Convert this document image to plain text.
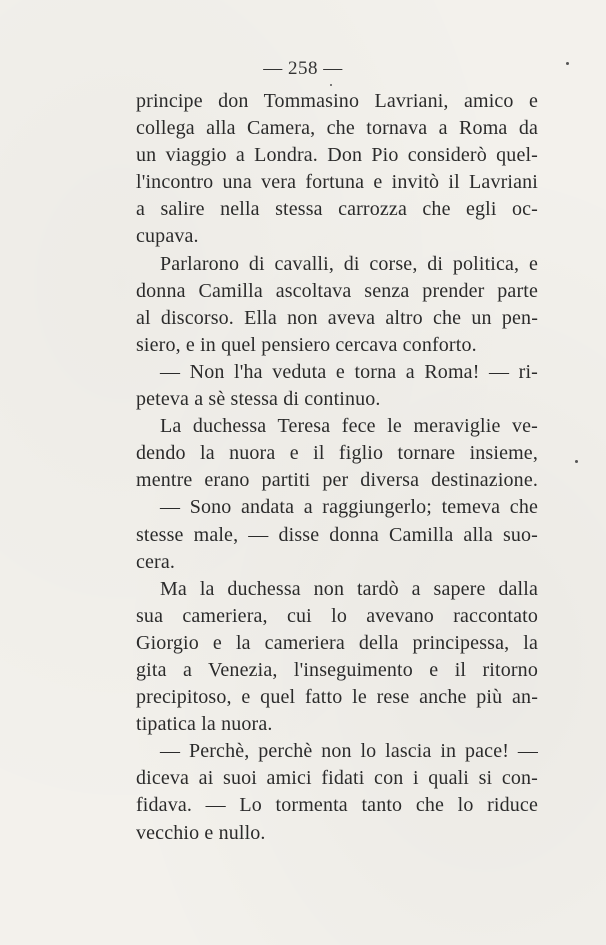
— 258 —
principe don Tommasino Lavriani, amico e
collega alla Camera, che tornava a Roma da
un viaggio a Londra. Don Pio considerò quel-
l'incontro una vera fortuna e invitò il Lavriani
a salire nella stessa carrozza che egli oc-
cupava.
Parlarono di cavalli, di corse, di politica, e
donna Camilla ascoltava senza prender parte
al discorso. Ella non aveva altro che un pen-
siero, e in quel pensiero cercava conforto.
— Non l'ha veduta e torna a Roma! — ri-
peteva a sè stessa di continuo.
La duchessa Teresa fece le meraviglie ve-
dendo la nuora e il figlio tornare insieme,
mentre erano partiti per diversa destinazione.
— Sono andata a raggiungerlo; temeva che
stesse male, — disse donna Camilla alla suo-
cera.
Ma la duchessa non tardò a sapere dalla
sua cameriera, cui lo avevano raccontato
Giorgio e la cameriera della principessa, la
gita a Venezia, l'inseguimento e il ritorno
precipitoso, e quel fatto le rese anche più an-
tipatica la nuora.
— Perchè, perchè non lo lascia in pace! —
diceva ai suoi amici fidati con i quali si con-
fidava. — Lo tormenta tanto che lo riduce
vecchio e nullo.
